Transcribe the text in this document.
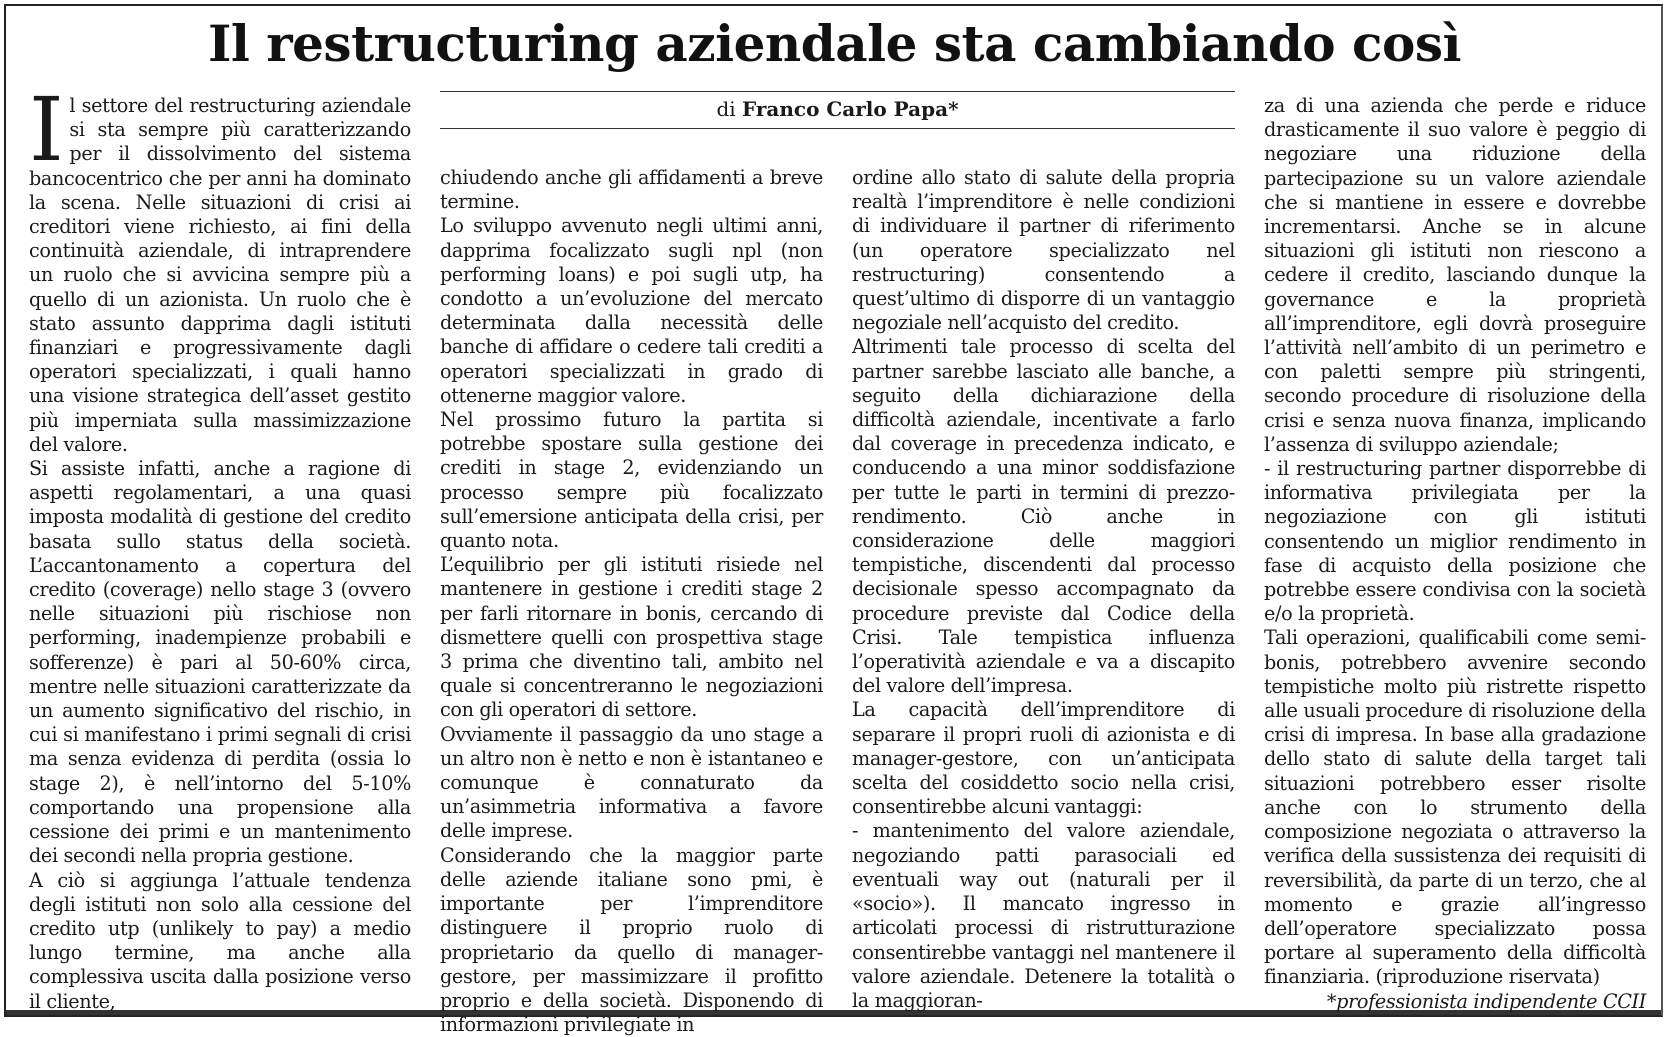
Il restructuring aziendale sta cambiando così
di Franco Carlo Papa*

Il settore del restructuring aziendale si sta sempre più caratterizzando per il dissolvimento del sistema bancocentrico che per anni ha dominato la scena. Nelle situazioni di crisi ai creditori viene richiesto, ai fini della continuità aziendale, di intraprendere un ruolo che si avvicina sempre più a quello di un azionista. Un ruolo che è stato assunto dapprima dagli istituti finanziari e progressivamente dagli operatori specializzati, i quali hanno una visione strategica dell’asset gestito più imperniata sulla massimizzazione del valore.

Si assiste infatti, anche a ragione di aspetti regolamentari, a una quasi imposta modalità di gestione del credito basata sullo status della società. L’accantonamento a copertura del credito (coverage) nello stage 3 (ovvero nelle situazioni più rischiose non performing, inadempienze probabili e sofferenze) è pari al 50-60% circa, mentre nelle situazioni caratterizzate da un aumento significativo del rischio, in cui si manifestano i primi segnali di crisi ma senza evidenza di perdita (ossia lo stage 2), è nell’intorno del 5-10% comportando una propensione alla cessione dei primi e un mantenimento dei secondi nella propria gestione.

A ciò si aggiunga l’attuale tendenza degli istituti non solo alla cessione del credito utp (unlikely to pay) a medio lungo termine, ma anche alla complessiva uscita dalla posizione verso il cliente,

chiudendo anche gli affidamenti a breve termine.

Lo sviluppo avvenuto negli ultimi anni, dapprima focalizzato sugli npl (non performing loans) e poi sugli utp, ha condotto a un’evoluzione del mercato determinata dalla necessità delle banche di affidare o cedere tali crediti a operatori specializzati in grado di ottenerne maggior valore.

Nel prossimo futuro la partita si potrebbe spostare sulla gestione dei crediti in stage 2, evidenziando un processo sempre più focalizzato sull’emersione anticipata della crisi, per quanto nota.

L’equilibrio per gli istituti risiede nel mantenere in gestione i crediti stage 2 per farli ritornare in bonis, cercando di dismettere quelli con prospettiva stage 3 prima che diventino tali, ambito nel quale si concentreranno le negoziazioni con gli operatori di settore.

Ovviamente il passaggio da uno stage a un altro non è netto e non è istantaneo e comunque è connaturato da un’asimmetria informativa a favore delle imprese.

Considerando che la maggior parte delle aziende italiane sono pmi, è importante per l’imprenditore distinguere il proprio ruolo di proprietario da quello di manager-gestore, per massimizzare il profitto proprio e della società. Disponendo di informazioni privilegiate in

ordine allo stato di salute della propria realtà l’imprenditore è nelle condizioni di individuare il partner di riferimento (un operatore specializzato nel restructuring) consentendo a quest’ultimo di disporre di un vantaggio negoziale nell’acquisto del credito.

Altrimenti tale processo di scelta del partner sarebbe lasciato alle banche, a seguito della dichiarazione della difficoltà aziendale, incentivate a farlo dal coverage in precedenza indicato, e conducendo a una minor soddisfazione per tutte le parti in termini di prezzo-rendimento. Ciò anche in considerazione delle maggiori tempistiche, discendenti dal processo decisionale spesso accompagnato da procedure previste dal Codice della Crisi. Tale tempistica influenza l’operatività aziendale e va a discapito del valore dell’impresa.

La capacità dell’imprenditore di separare il propri ruoli di azionista e di manager-gestore, con un’anticipata scelta del cosiddetto socio nella crisi, consentirebbe alcuni vantaggi:

- mantenimento del valore aziendale, negoziando patti parasociali ed eventuali way out (naturali per il «socio»). Il mancato ingresso in articolati processi di ristrutturazione consentirebbe vantaggi nel mantenere il valore aziendale. Detenere la totalità o la maggioran-

za di una azienda che perde e riduce drasticamente il suo valore è peggio di negoziare una riduzione della partecipazione su un valore aziendale che si mantiene in essere e dovrebbe incrementarsi. Anche se in alcune situazioni gli istituti non riescono a cedere il credito, lasciando dunque la governance e la proprietà all’imprenditore, egli dovrà proseguire l’attività nell’ambito di un perimetro e con paletti sempre più stringenti, secondo procedure di risoluzione della crisi e senza nuova finanza, implicando l’assenza di sviluppo aziendale;

- il restructuring partner disporrebbe di informativa privilegiata per la negoziazione con gli istituti consentendo un miglior rendimento in fase di acquisto della posizione che potrebbe essere condivisa con la società e/o la proprietà.

Tali operazioni, qualificabili come semi-bonis, potrebbero avvenire secondo tempistiche molto più ristrette rispetto alle usuali procedure di risoluzione della crisi di impresa. In base alla gradazione dello stato di salute della target tali situazioni potrebbero esser risolte anche con lo strumento della composizione negoziata o attraverso la verifica della sussistenza dei requisiti di reversibilità, da parte di un terzo, che al momento e grazie all’ingresso dell’operatore specializzato possa portare al superamento della difficoltà finanziaria. (riproduzione riservata)

*professionista indipendente CCII
